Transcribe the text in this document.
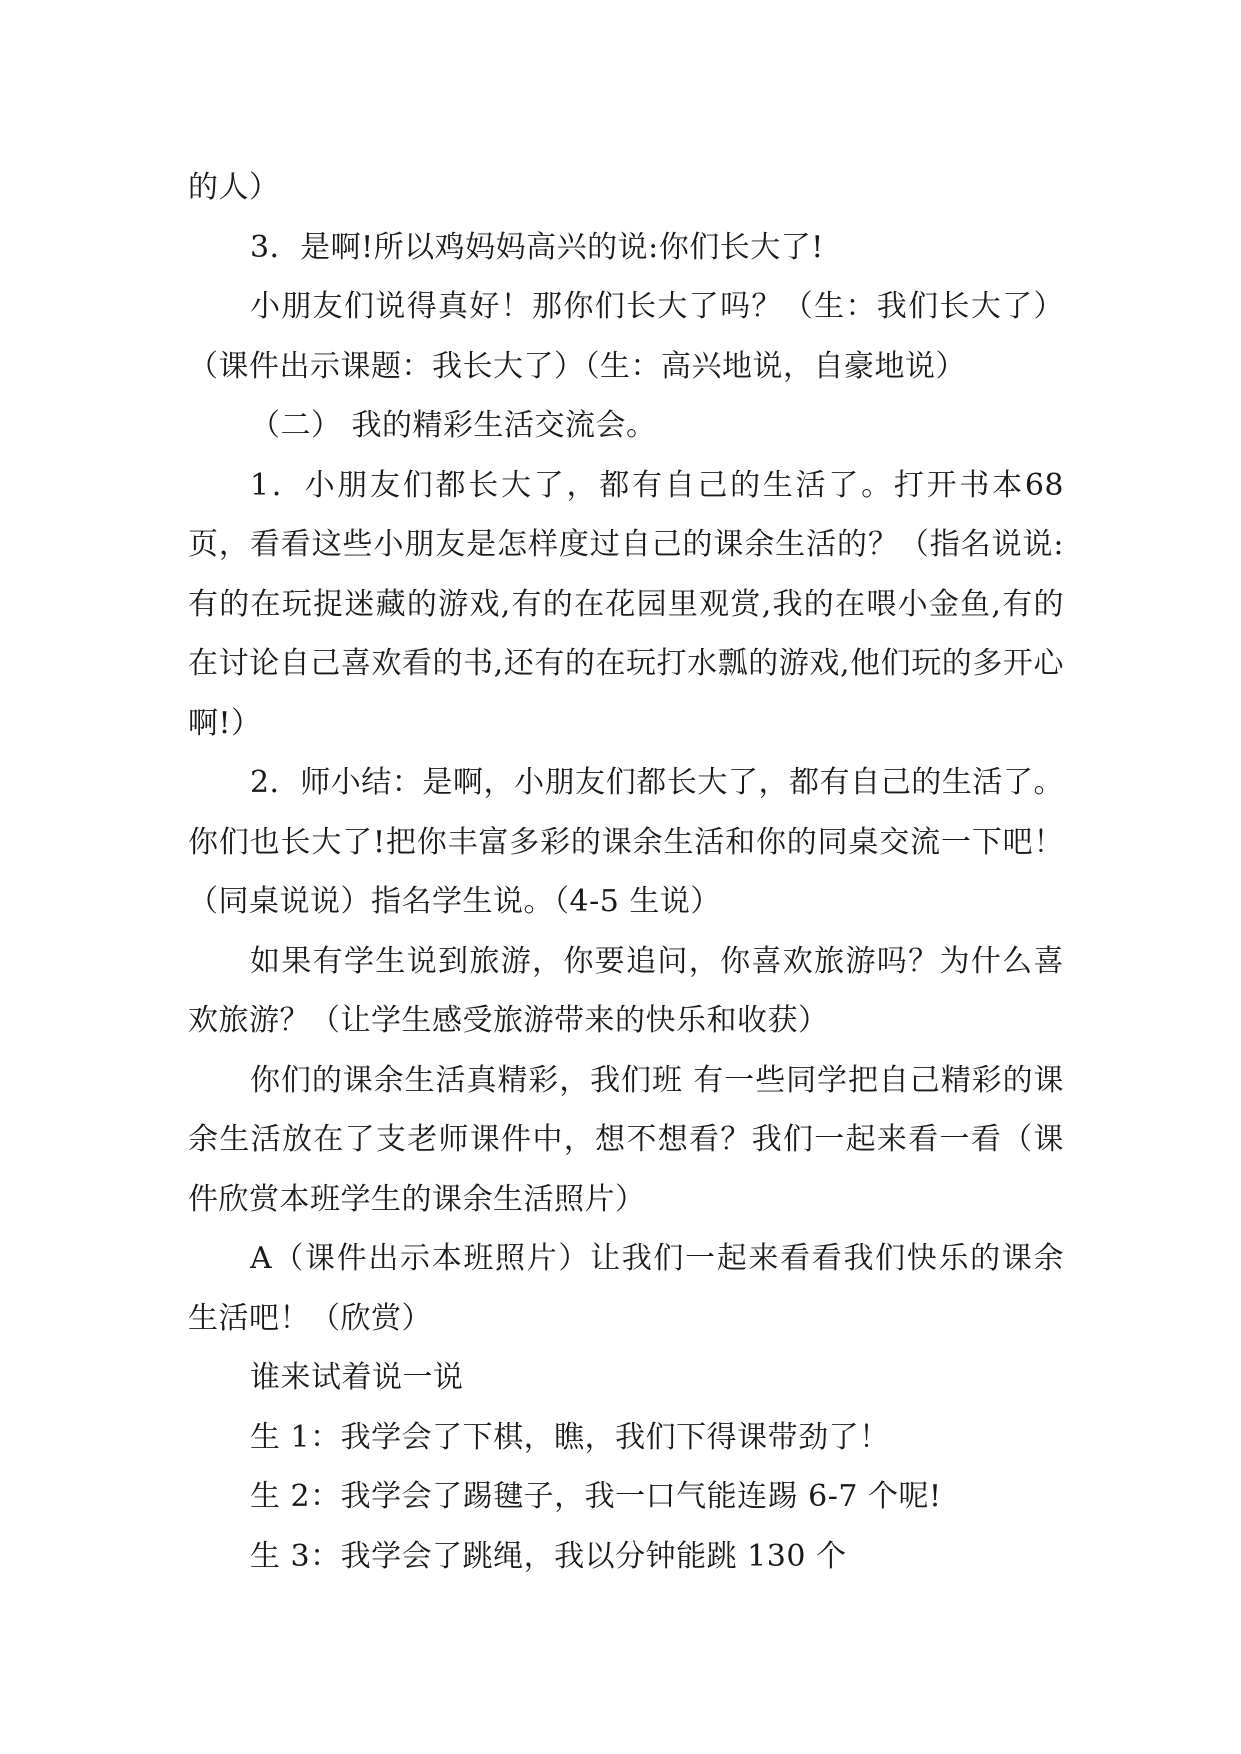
的人）

3．是啊!所以鸡妈妈高兴的说:你们长大了!

小朋友们说得真好！那你们长大了吗？（生：我们长大了）（课件出示课题：我长大了）（生：高兴地说，自豪地说）

（二） 我的精彩生活交流会。

1．小朋友们都长大了，都有自己的生活了。打开书本68页，看看这些小朋友是怎样度过自己的课余生活的？（指名说说:有的在玩捉迷藏的游戏,有的在花园里观赏,我的在喂小金鱼,有的在讨论自己喜欢看的书,还有的在玩打水瓢的游戏,他们玩的多开心啊!）

2．师小结：是啊，小朋友们都长大了，都有自己的生活了。你们也长大了!把你丰富多彩的课余生活和你的同桌交流一下吧！（同桌说说）指名学生说。（4-5 生说）

如果有学生说到旅游，你要追问，你喜欢旅游吗？为什么喜欢旅游？（让学生感受旅游带来的快乐和收获）

你们的课余生活真精彩，我们班 有一些同学把自己精彩的课余生活放在了支老师课件中，想不想看？我们一起来看一看（课件欣赏本班学生的课余生活照片）

A（课件出示本班照片）让我们一起来看看我们快乐的课余生活吧！（欣赏）

谁来试着说一说

生 1：我学会了下棋，瞧，我们下得课带劲了！

生 2：我学会了踢毽子，我一口气能连踢 6-7 个呢!

生 3：我学会了跳绳，我以分钟能跳 130 个
